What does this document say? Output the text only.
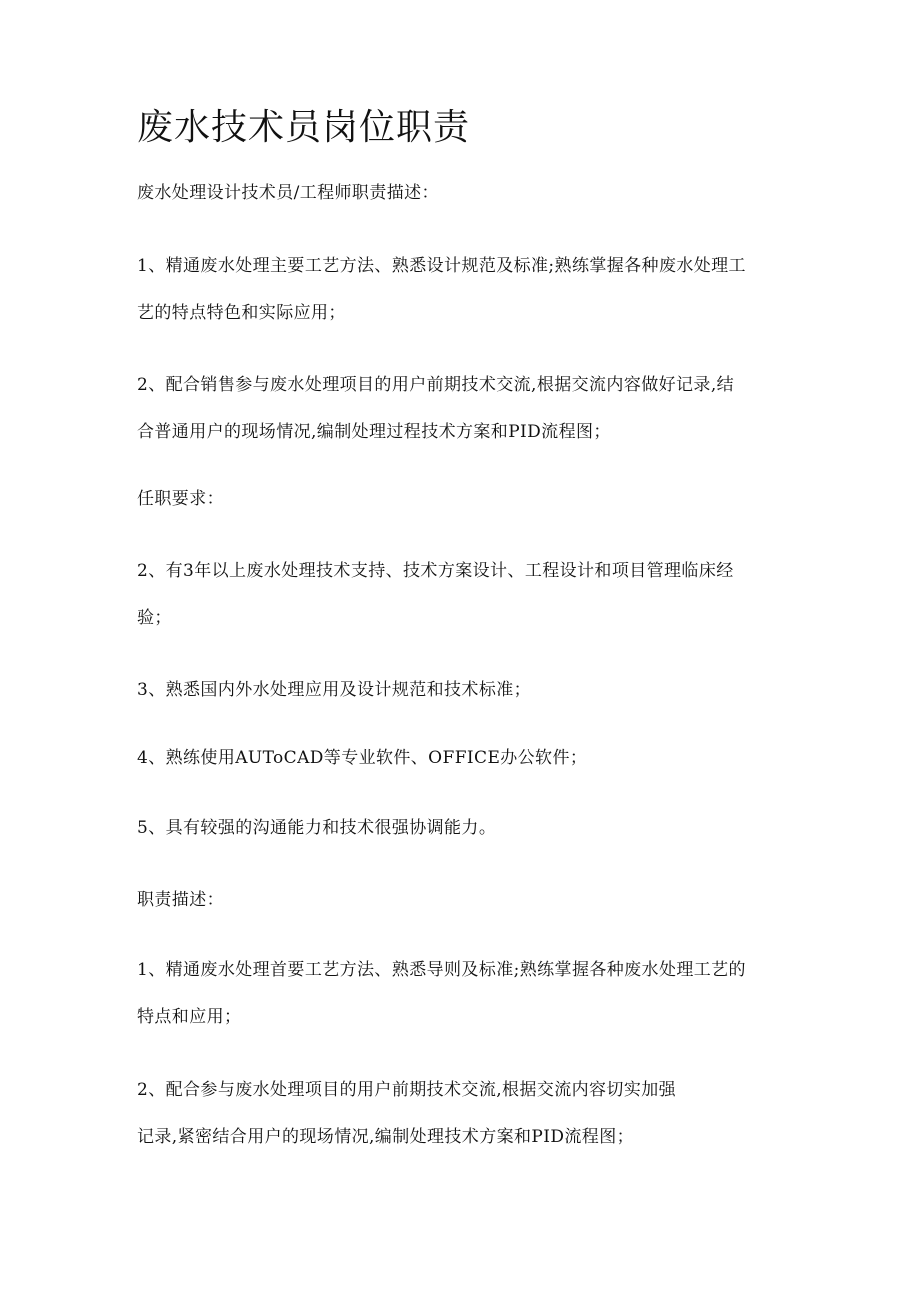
废水技术员岗位职责
废水处理设计技术员/工程师职责描述：
1、精通废水处理主要工艺方法、熟悉设计规范及标准;熟练掌握各种废水处理工
艺的特点特色和实际应用；
2、配合销售参与废水处理项目的用户前期技术交流,根据交流内容做好记录,结
合普通用户的现场情况,编制处理过程技术方案和PID流程图；
任职要求：
2、有3年以上废水处理技术支持、技术方案设计、工程设计和项目管理临床经
验；
3、熟悉国内外水处理应用及设计规范和技术标准；
4、熟练使用AUToCAD等专业软件、OFFICE办公软件；
5、具有较强的沟通能力和技术很强协调能力。
职责描述：
1、精通废水处理首要工艺方法、熟悉导则及标准;熟练掌握各种废水处理工艺的
特点和应用；
2、配合参与废水处理项目的用户前期技术交流,根据交流内容切实加强
记录,紧密结合用户的现场情况,编制处理技术方案和PID流程图；
